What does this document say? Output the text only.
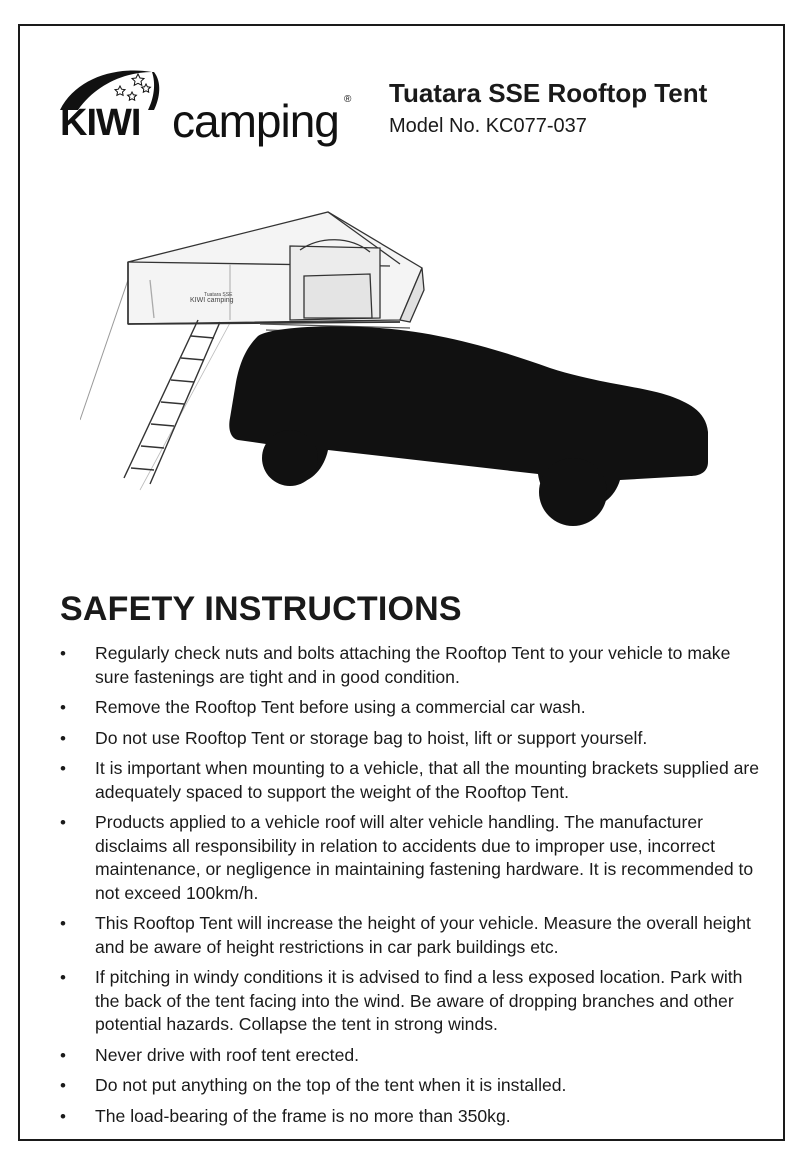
KIWI camping ® Tuatara SSE Rooftop Tent
Model No. KC077-037
KIWI camping
Tuatara SSE
SAFETY INSTRUCTIONS
•	Regularly check nuts and bolts attaching the Rooftop Tent to your vehicle to make sure fastenings are tight and in good condition.
•	Remove the Rooftop Tent before using a commercial car wash.
•	Do not use Rooftop Tent or storage bag to hoist, lift or support yourself.
•	It is important when mounting to a vehicle, that all the mounting brackets supplied are adequately spaced to support the weight of the Rooftop Tent.
•	Products applied to a vehicle roof will alter vehicle handling. The manufacturer disclaims all responsibility in relation to accidents due to improper use, incorrect maintenance, or negligence in maintaining fastening hardware. It is recommended to not exceed 100km/h.
•	This Rooftop Tent will increase the height of your vehicle. Measure the overall height and be aware of height restrictions in car park buildings etc.
•	If pitching in windy conditions it is advised to find a less exposed location. Park with the back of the tent facing into the wind. Be aware of dropping branches and other potential hazards. Collapse the tent in strong winds.
•	Never drive with roof tent erected.
•	Do not put anything on the top of the tent when it is installed.
•	The load-bearing of the frame is no more than 350kg.
